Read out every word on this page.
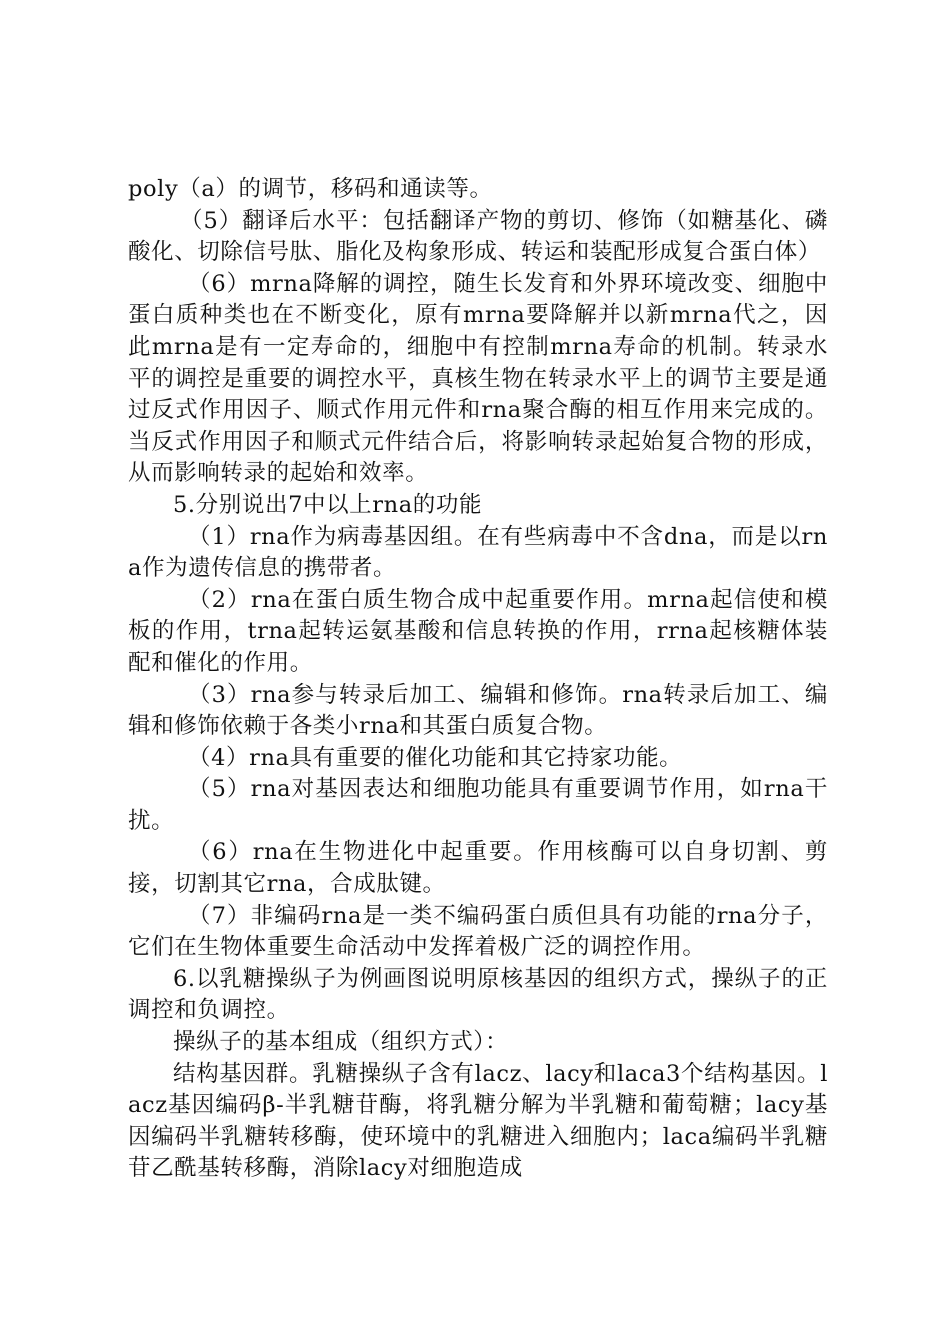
poly（a）的调节，移码和通读等。

（5）翻译后水平：包括翻译产物的剪切、修饰（如糖基化、磷酸化、切除信号肽、脂化及构象形成、转运和装配形成复合蛋白体）

（6）mrna降解的调控，随生长发育和外界环境改变、细胞中蛋白质种类也在不断变化，原有mrna要降解并以新mrna代之，因此mrna是有一定寿命的，细胞中有控制mrna寿命的机制。转录水平的调控是重要的调控水平，真核生物在转录水平上的调节主要是通过反式作用因子、顺式作用元件和rna聚合酶的相互作用来完成的。当反式作用因子和顺式元件结合后，将影响转录起始复合物的形成，从而影响转录的起始和效率。

5.分别说出7中以上rna的功能

（1）rna作为病毒基因组。在有些病毒中不含dna，而是以rna作为遗传信息的携带者。

（2）rna在蛋白质生物合成中起重要作用。mrna起信使和模板的作用，trna起转运氨基酸和信息转换的作用，rrna起核糖体装配和催化的作用。

（3）rna参与转录后加工、编辑和修饰。rna转录后加工、编辑和修饰依赖于各类小rna和其蛋白质复合物。

（4）rna具有重要的催化功能和其它持家功能。

（5）rna对基因表达和细胞功能具有重要调节作用，如rna干扰。

（6）rna在生物进化中起重要。作用核酶可以自身切割、剪接，切割其它rna，合成肽键。

（7）非编码rna是一类不编码蛋白质但具有功能的rna分子，它们在生物体重要生命活动中发挥着极广泛的调控作用。

6.以乳糖操纵子为例画图说明原核基因的组织方式，操纵子的正调控和负调控。

操纵子的基本组成（组织方式）：

结构基因群。乳糖操纵子含有lacz、lacy和laca3个结构基因。lacz基因编码β-半乳糖苷酶，将乳糖分解为半乳糖和葡萄糖；lacy基因编码半乳糖转移酶，使环境中的乳糖进入细胞内；laca编码半乳糖苷乙酰基转移酶，消除lacy对细胞造成
